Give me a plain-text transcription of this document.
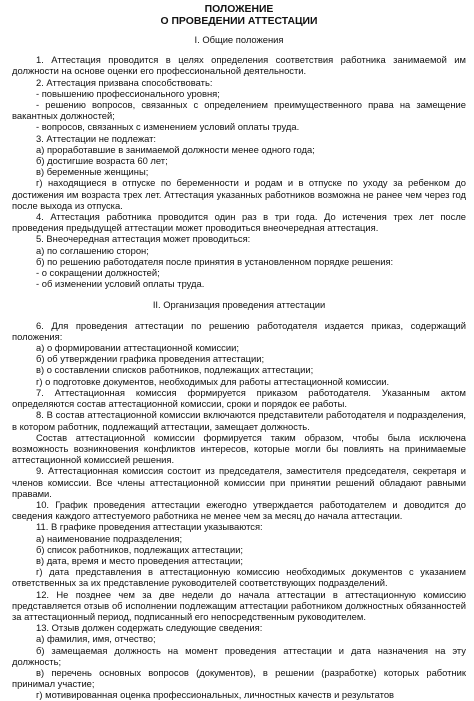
ПОЛОЖЕНИЕ
О ПРОВЕДЕНИИ АТТЕСТАЦИИ
I. Общие положения

1. Аттестация проводится в целях определения соответствия работника занимаемой им должности на основе оценки его профессиональной деятельности.

2. Аттестация призвана способствовать:

- повышению профессионального уровня;

- решению вопросов, связанных с определением преимущественного права на замещение вакантных должностей;

- вопросов, связанных с изменением условий оплаты труда.

3. Аттестации не подлежат:

а) проработавшие в занимаемой должности менее одного года;

б) достигшие возраста 60 лет;

в) беременные женщины;

г) находящиеся в отпуске по беременности и родам и в отпуске по уходу за ребенком до достижения им возраста трех лет. Аттестация указанных работников возможна не ранее чем через год после выхода из отпуска.

4. Аттестация работника проводится один раз в три года. До истечения трех лет после проведения предыдущей аттестации может проводиться внеочередная аттестация.

5. Внеочередная аттестация может проводиться:

а) по соглашению сторон;

б) по решению работодателя после принятия в установленном порядке решения:

- о сокращении должностей;

- об изменении условий оплаты труда.

II. Организация проведения аттестации

6. Для проведения аттестации по решению работодателя издается приказ, содержащий положения:

а) о формировании аттестационной комиссии;

б) об утверждении графика проведения аттестации;

в) о составлении списков работников, подлежащих аттестации;

г) о подготовке документов, необходимых для работы аттестационной комиссии.

7. Аттестационная комиссия формируется приказом работодателя. Указанным актом определяются состав аттестационной комиссии, сроки и порядок ее работы.

8. В состав аттестационной комиссии включаются представители работодателя и подразделения, в котором работник, подлежащий аттестации, замещает должность.

Состав аттестационной комиссии формируется таким образом, чтобы была исключена возможность возникновения конфликтов интересов, которые могли бы повлиять на принимаемые аттестационной комиссией решения.

9. Аттестационная комиссия состоит из председателя, заместителя председателя, секретаря и членов комиссии. Все члены аттестационной комиссии при принятии решений обладают равными правами.

10. График проведения аттестации ежегодно утверждается работодателем и доводится до сведения каждого аттестуемого работника не менее чем за месяц до начала аттестации.

11. В графике проведения аттестации указываются:

а) наименование подразделения;

б) список работников, подлежащих аттестации;

в) дата, время и место проведения аттестации;

г) дата представления в аттестационную комиссию необходимых документов с указанием ответственных за их представление руководителей соответствующих подразделений.

12. Не позднее чем за две недели до начала аттестации в аттестационную комиссию представляется отзыв об исполнении подлежащим аттестации работником должностных обязанностей за аттестационный период, подписанный его непосредственным руководителем.

13. Отзыв должен содержать следующие сведения:

а) фамилия, имя, отчество;

б) замещаемая должность на момент проведения аттестации и дата назначения на эту должность;

в) перечень основных вопросов (документов), в решении (разработке) которых работник принимал участие;

г) мотивированная оценка профессиональных, личностных качеств и результатов
